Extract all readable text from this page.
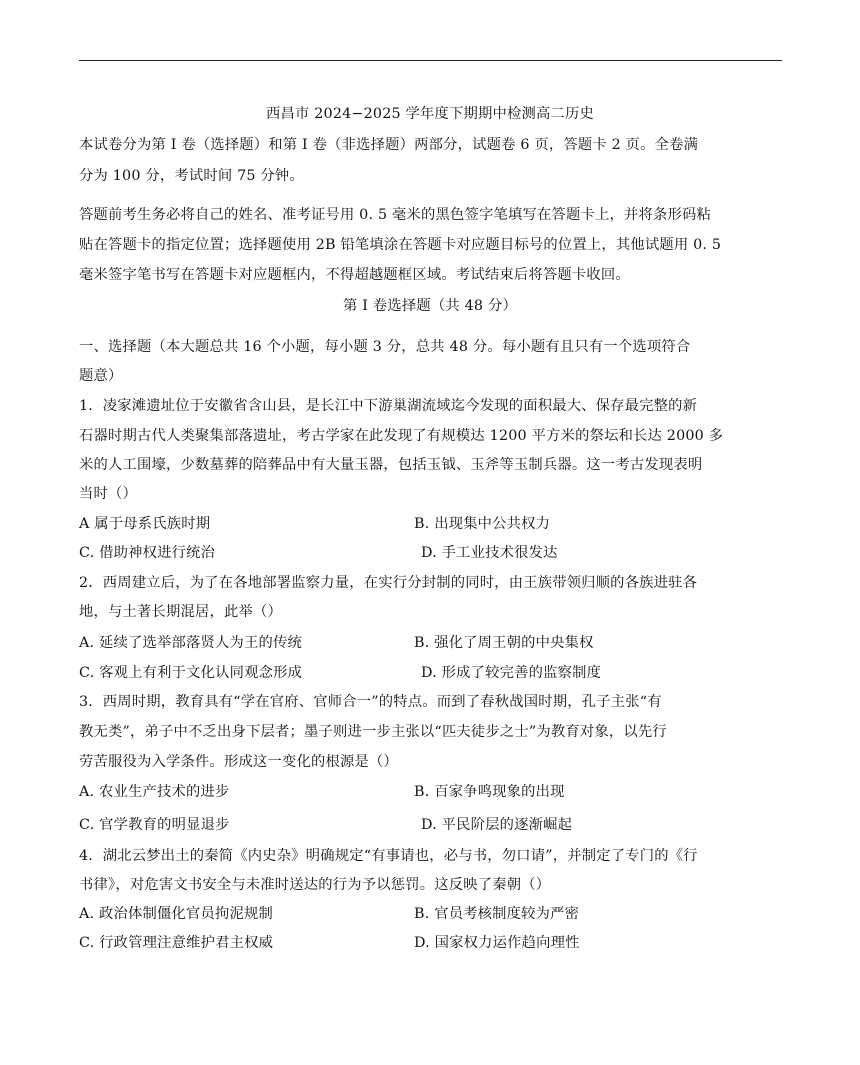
西昌市 2024−2025 学年度下期期中检测高二历史
本试卷分为第 I 卷（选择题）和第 I 卷（非选择题）两部分，试题卷 6 页，答题卡 2 页。全卷满
分为 100 分，考试时间 75 分钟。
答题前考生务必将自己的姓名、准考证号用 0. 5 毫米的黑色签字笔填写在答题卡上，并将条形码粘
贴在答题卡的指定位置；选择题使用 2B 铅笔填涂在答题卡对应题目标号的位置上，其他试题用 0. 5
毫米签字笔书写在答题卡对应题框内，不得超越题框区域。考试结束后将答题卡收回。
第 I 卷选择题（共 48 分）
一、选择题（本大题总共 16 个小题，每小题 3 分，总共 48 分。每小题有且只有一个选项符合
题意）
1．凌家滩遗址位于安徽省含山县，是长江中下游巢湖流域迄今发现的面积最大、保存最完整的新
石器时期古代人类聚集部落遗址，考古学家在此发现了有规模达 1200 平方米的祭坛和长达 2000 多
米的人工围壕，少数墓葬的陪葬品中有大量玉器，包括玉钺、玉斧等玉制兵器。这一考古发现表明
当时（）
A 属于母系氏族时期	B. 出现集中公共权力
C. 借助神权进行统治	D. 手工业技术很发达
2．西周建立后，为了在各地部署监察力量，在实行分封制的同时，由王族带领归顺的各族进驻各
地，与土著长期混居，此举（）
A. 延续了选举部落贤人为王的传统	B. 强化了周王朝的中央集权
C. 客观上有利于文化认同观念形成	D. 形成了较完善的监察制度
3．西周时期，教育具有“学在官府、官师合一”的特点。而到了春秋战国时期，孔子主张“有
教无类”，弟子中不乏出身下层者；墨子则进一步主张以“匹夫徒步之士”为教育对象，以先行
劳苦服役为入学条件。形成这一变化的根源是（）
A. 农业生产技术的进步	B. 百家争鸣现象的出现
C. 官学教育的明显退步	D. 平民阶层的逐渐崛起
4．湖北云梦出土的秦简《内史杂》明确规定“有事请也，必与书，勿口请”，并制定了专门的《行
书律》，对危害文书安全与未准时送达的行为予以惩罚。这反映了秦朝（）
A. 政治体制僵化官员拘泥规制	B. 官员考核制度较为严密
C. 行政管理注意维护君主权威	D. 国家权力运作趋向理性
